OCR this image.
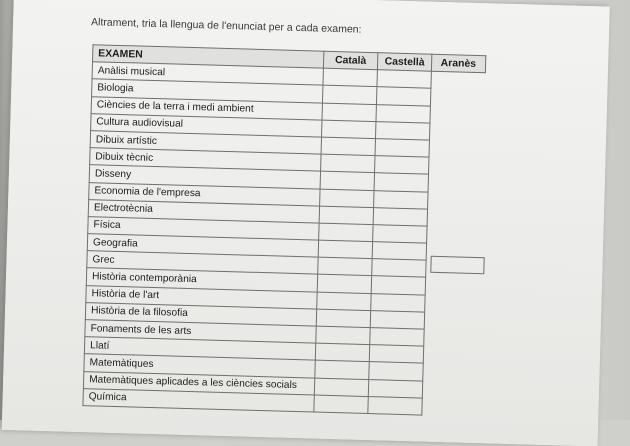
Altrament, tria la llengua de l'enunciat per a cada examen:
EXAMEN	Català	Castellà	Aranès
Anàlisi musical			
Biologia			
Ciències de la terra i medi ambient			
Cultura audiovisual			
Dibuix artístic			
Dibuix tècnic			
Disseny			
Economia de l'empresa			
Electrotècnia			
Física			
Geografia			
Grec			
Història contemporània			
Història de l'art			
Història de la filosofia			
Fonaments de les arts			
Llatí			
Matemàtiques			
Matemàtiques aplicades a les ciències socials			
Química			
